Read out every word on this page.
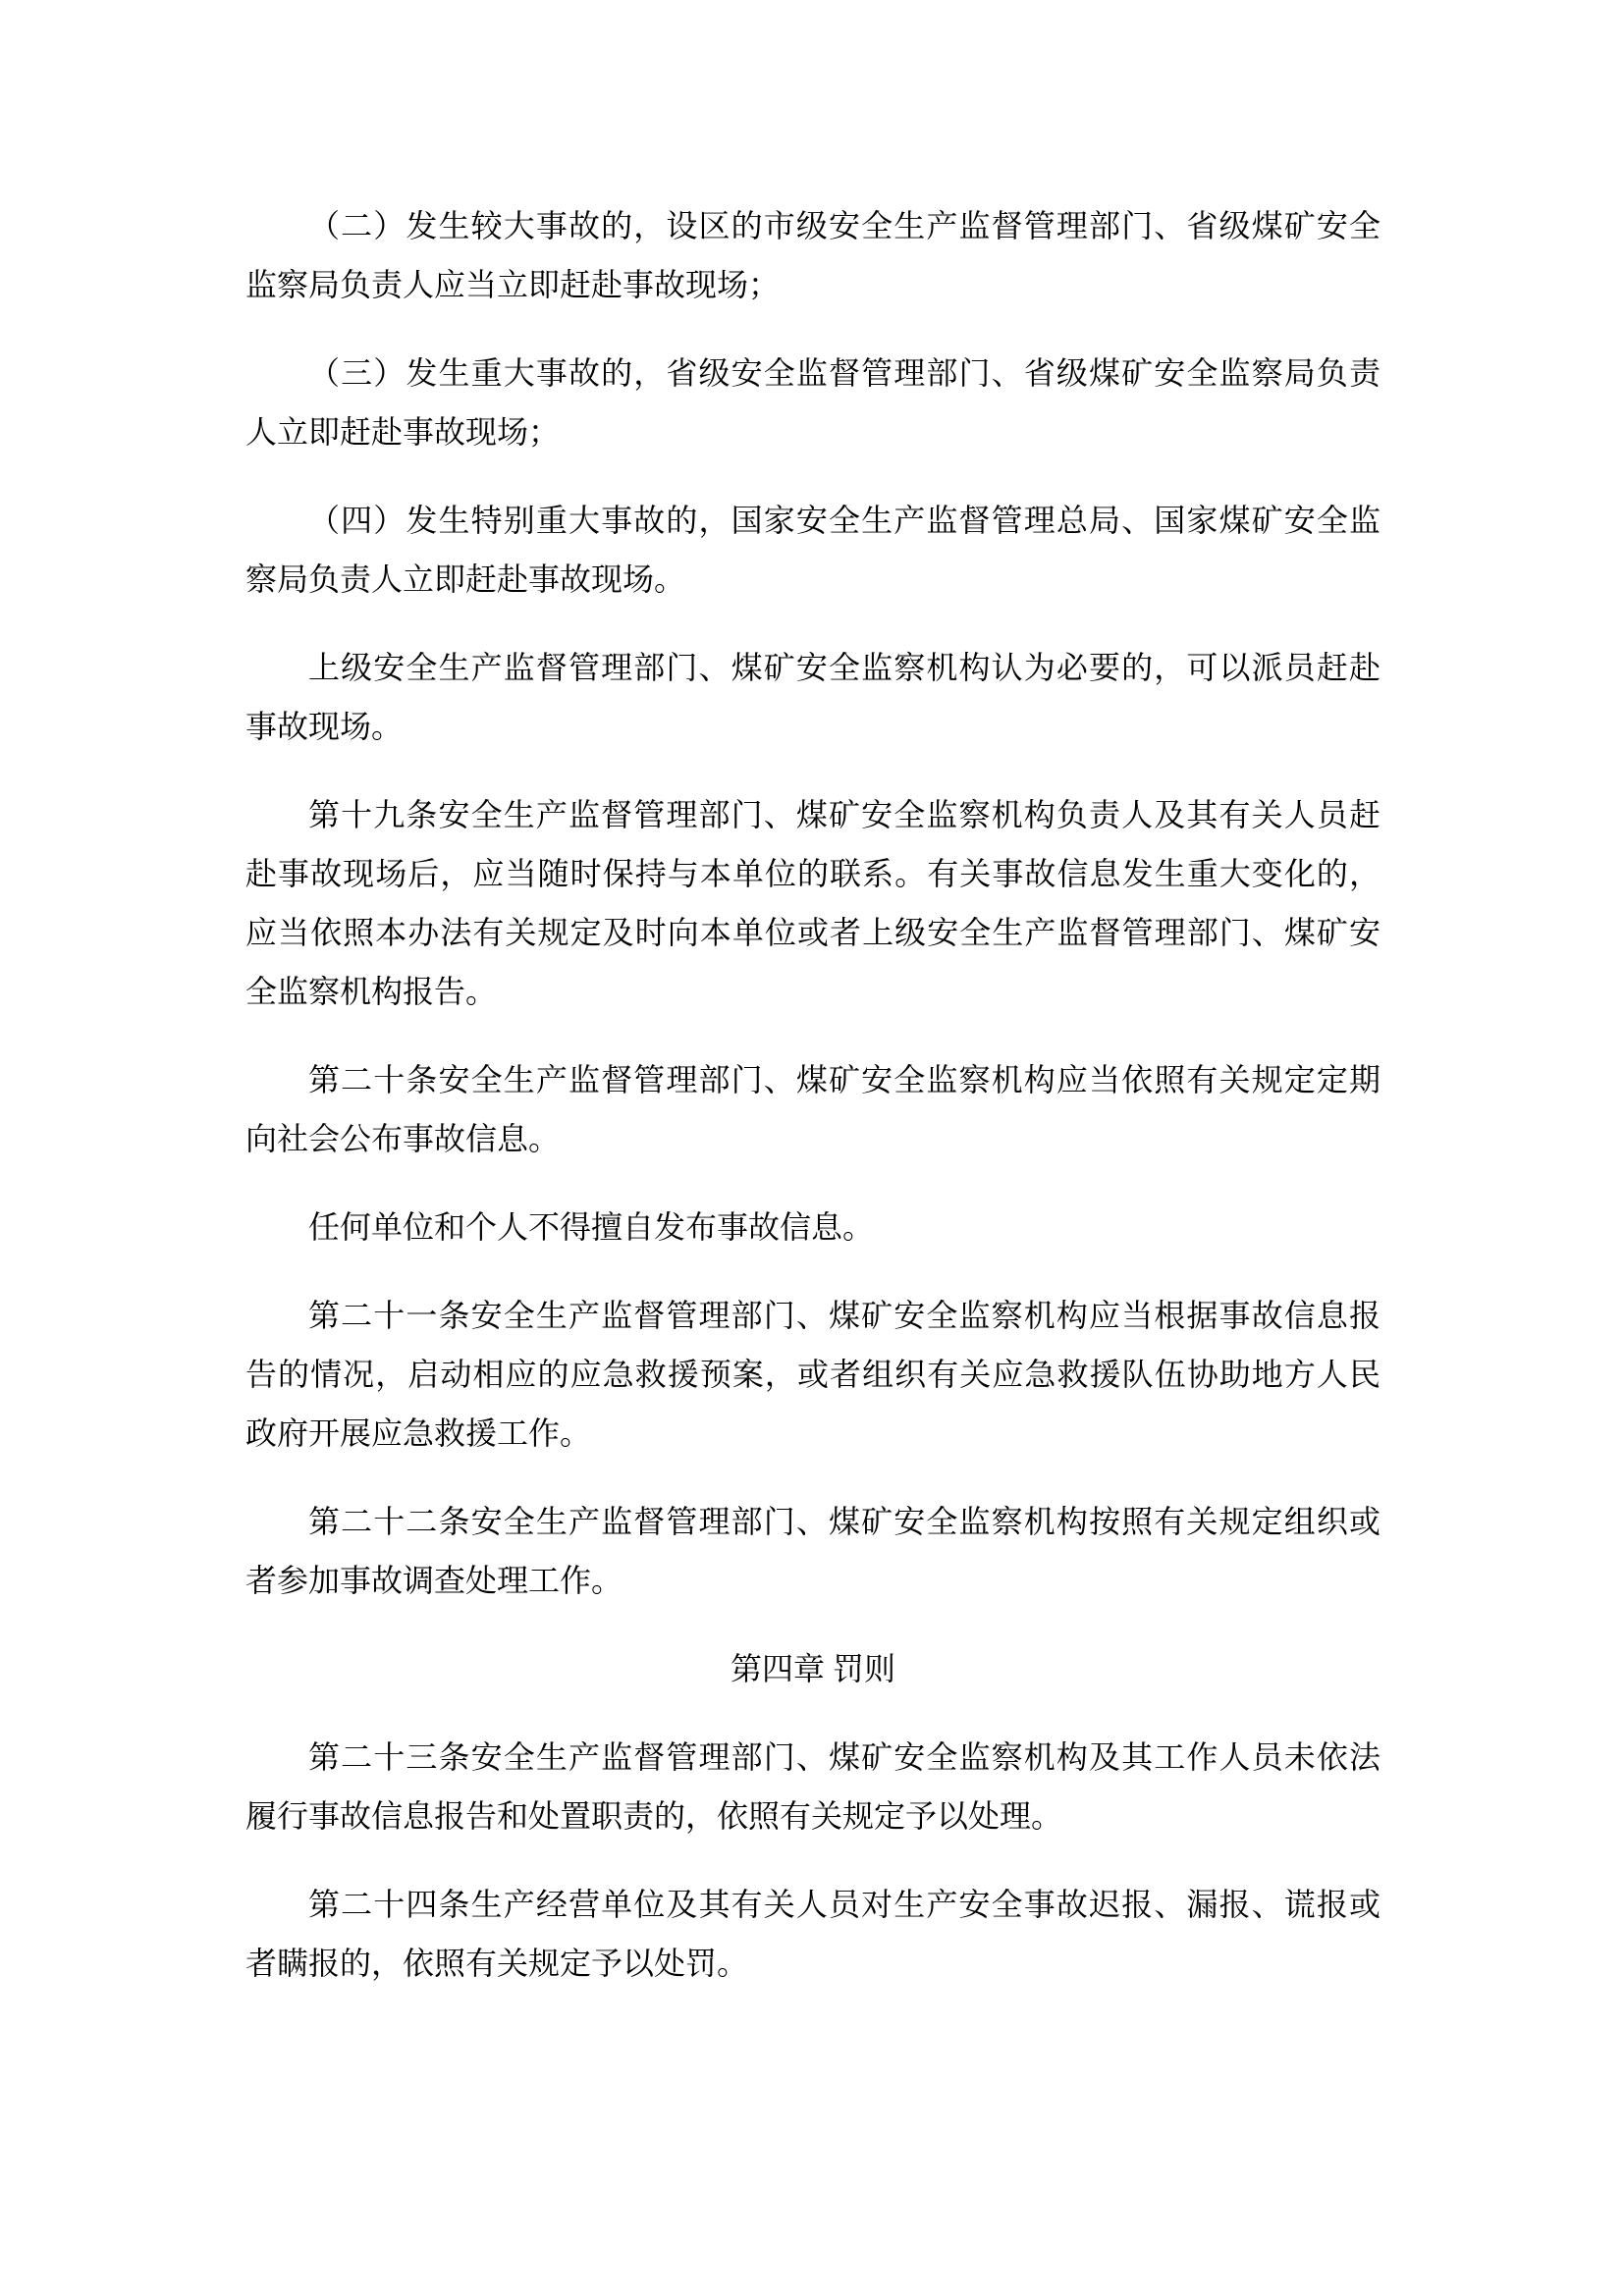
（二）发生较大事故的，设区的市级安全生产监督管理部门、省级煤矿安全
监察局负责人应当立即赶赴事故现场；
（三）发生重大事故的，省级安全监督管理部门、省级煤矿安全监察局负责
人立即赶赴事故现场；
（四）发生特别重大事故的，国家安全生产监督管理总局、国家煤矿安全监
察局负责人立即赶赴事故现场。
上级安全生产监督管理部门、煤矿安全监察机构认为必要的，可以派员赶赴
事故现场。
第十九条安全生产监督管理部门、煤矿安全监察机构负责人及其有关人员赶
赴事故现场后，应当随时保持与本单位的联系。有关事故信息发生重大变化的，
应当依照本办法有关规定及时向本单位或者上级安全生产监督管理部门、煤矿安
全监察机构报告。
第二十条安全生产监督管理部门、煤矿安全监察机构应当依照有关规定定期
向社会公布事故信息。
任何单位和个人不得擅自发布事故信息。
第二十一条安全生产监督管理部门、煤矿安全监察机构应当根据事故信息报
告的情况，启动相应的应急救援预案，或者组织有关应急救援队伍协助地方人民
政府开展应急救援工作。
第二十二条安全生产监督管理部门、煤矿安全监察机构按照有关规定组织或
者参加事故调查处理工作。
第四章 罚则
第二十三条安全生产监督管理部门、煤矿安全监察机构及其工作人员未依法
履行事故信息报告和处置职责的，依照有关规定予以处理。
第二十四条生产经营单位及其有关人员对生产安全事故迟报、漏报、谎报或
者瞒报的，依照有关规定予以处罚。
